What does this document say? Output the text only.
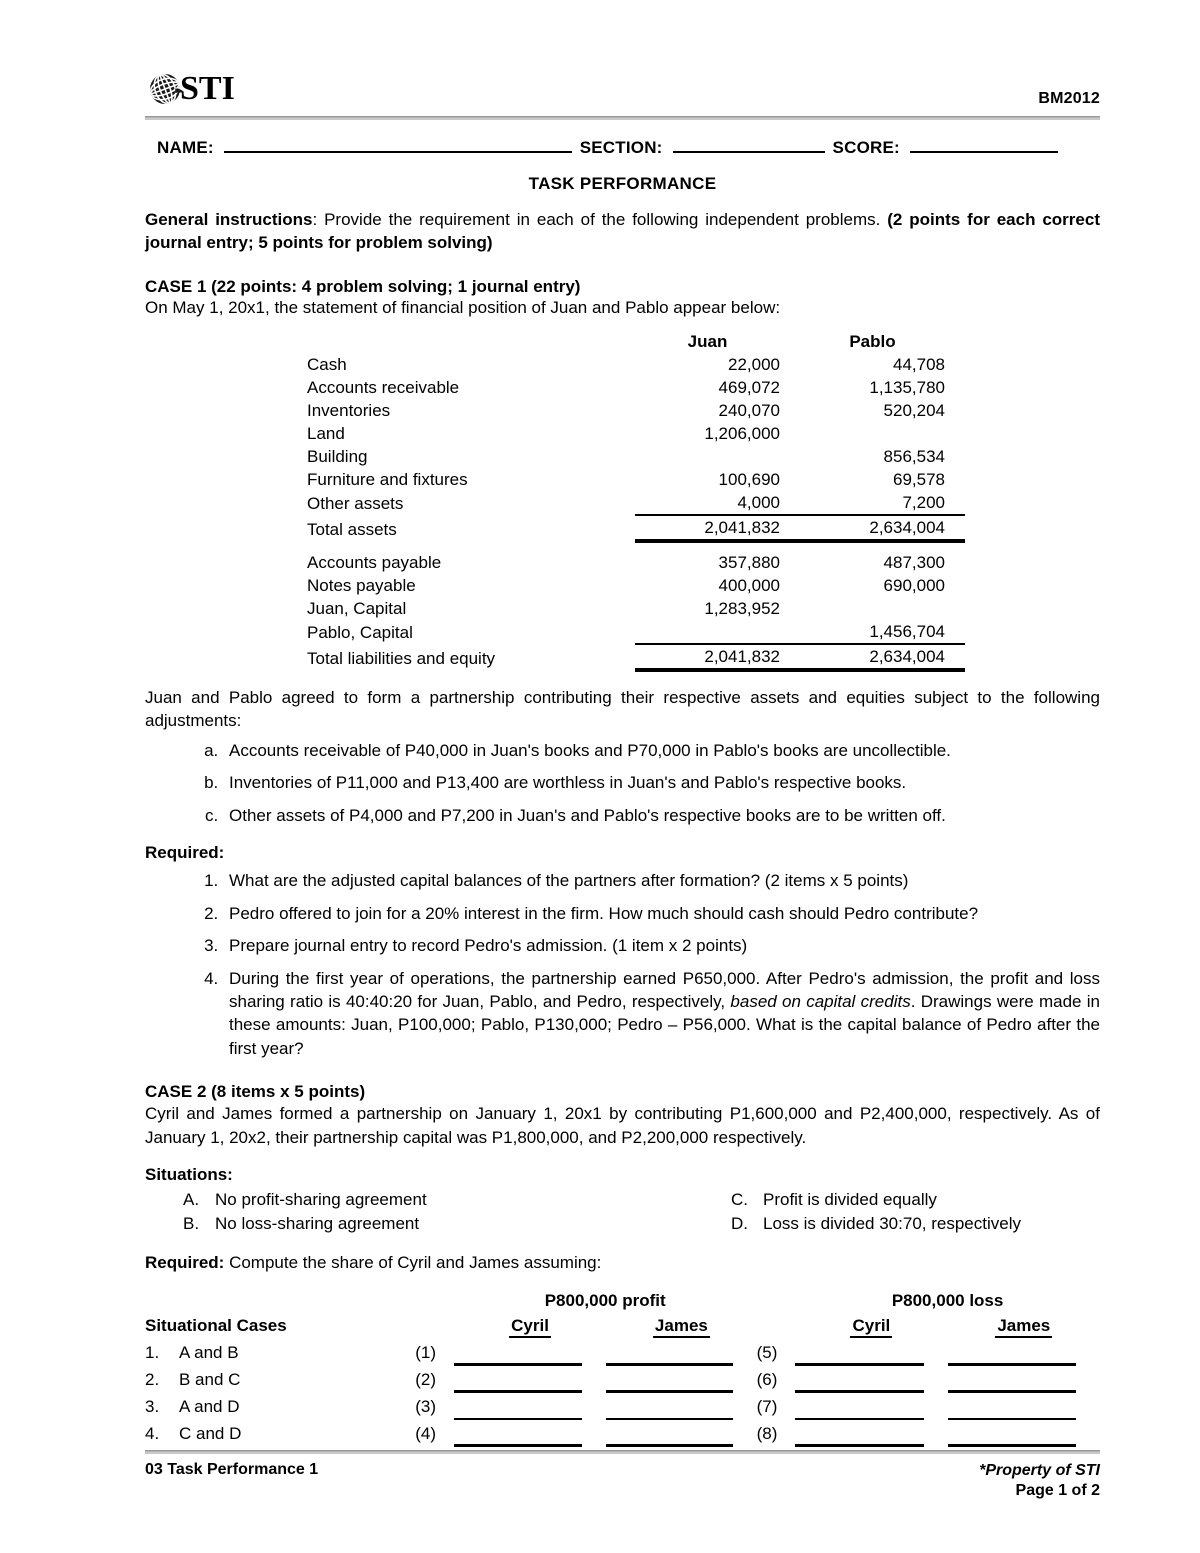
STI	BM2012
NAME:	SECTION:	SCORE:
TASK PERFORMANCE
General instructions: Provide the requirement in each of the following independent problems. (2 points for each correct journal entry; 5 points for problem solving)
CASE 1 (22 points: 4 problem solving; 1 journal entry)
On May 1, 20x1, the statement of financial position of Juan and Pablo appear below:
	Juan	Pablo
Cash	22,000	44,708
Accounts receivable	469,072	1,135,780
Inventories	240,070	520,204
Land	1,206,000	
Building		856,534
Furniture and fixtures	100,690	69,578
Other assets	4,000	7,200
Total assets	2,041,832	2,634,004

Accounts payable	357,880	487,300
Notes payable	400,000	690,000
Juan, Capital	1,283,952	
Pablo, Capital		1,456,704
Total liabilities and equity	2,041,832	2,634,004
Juan and Pablo agreed to form a partnership contributing their respective assets and equities subject to the following adjustments:
a. Accounts receivable of P40,000 in Juan's books and P70,000 in Pablo's books are uncollectible.
b. Inventories of P11,000 and P13,400 are worthless in Juan's and Pablo's respective books.
c. Other assets of P4,000 and P7,200 in Juan's and Pablo's respective books are to be written off.
Required:
1. What are the adjusted capital balances of the partners after formation? (2 items x 5 points)
2. Pedro offered to join for a 20% interest in the firm. How much should cash should Pedro contribute?
3. Prepare journal entry to record Pedro's admission. (1 item x 2 points)
4. During the first year of operations, the partnership earned P650,000. After Pedro's admission, the profit and loss sharing ratio is 40:40:20 for Juan, Pablo, and Pedro, respectively, based on capital credits. Drawings were made in these amounts: Juan, P100,000; Pablo, P130,000; Pedro – P56,000. What is the capital balance of Pedro after the first year?
CASE 2 (8 items x 5 points)
Cyril and James formed a partnership on January 1, 20x1 by contributing P1,600,000 and P2,400,000, respectively. As of January 1, 20x2, their partnership capital was P1,800,000, and P2,200,000 respectively.
Situations:
A. No profit-sharing agreement	C. Profit is divided equally
B. No loss-sharing agreement	D. Loss is divided 30:70, respectively
Required: Compute the share of Cyril and James assuming:
		P800,000 profit			P800,000 loss	
Situational Cases		Cyril	James		Cyril	James
1. A and B	(1)			(5)	

2. B and C	(2)			(6)	

3. A and D	(3)			(7)	

4. C and D	(4)			(8)	

03 Task Performance 1	*Property of STI
Page 1 of 2
